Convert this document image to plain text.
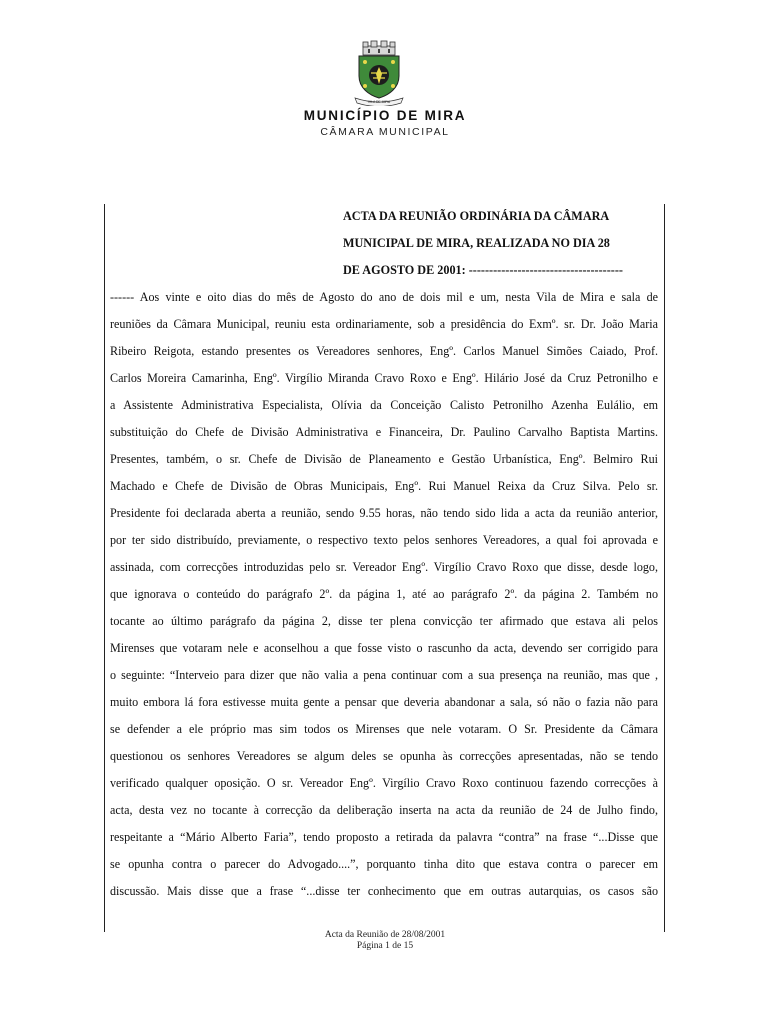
VILA DE MIRA
MUNICÍPIO DE MIRA
CÂMARA MUNICIPAL
ACTA DA REUNIÃO ORDINÁRIA DA CÂMARA
MUNICIPAL DE MIRA, REALIZADA NO DIA 28
DE AGOSTO DE 2001: --------------------------------------
------ Aos vinte e oito dias do mês de Agosto do ano de dois mil e um, nesta Vila de Mira e sala de
reuniões da Câmara Municipal, reuniu esta ordinariamente, sob a presidência do Exmº. sr. Dr. João Maria
Ribeiro Reigota, estando presentes os Vereadores senhores, Engº. Carlos Manuel Simões Caiado, Prof.
Carlos Moreira Camarinha, Engº. Virgílio Miranda Cravo Roxo e Engº. Hilário José da Cruz Petronilho e
a Assistente Administrativa Especialista, Olívia da Conceição Calisto Petronilho Azenha Eulálio, em
substituição do Chefe de Divisão Administrativa e Financeira, Dr. Paulino Carvalho Baptista Martins.
Presentes, também, o sr. Chefe de Divisão de Planeamento e Gestão Urbanística, Engº. Belmiro Rui
Machado e Chefe de Divisão de Obras Municipais, Engº. Rui Manuel Reixa da Cruz Silva. Pelo sr.
Presidente foi declarada aberta a reunião, sendo 9.55 horas, não tendo sido lida a acta da reunião anterior,
por ter sido distribuído, previamente, o respectivo texto pelos senhores Vereadores, a qual foi aprovada e
assinada, com correcções introduzidas pelo sr. Vereador Engº. Virgílio Cravo Roxo que disse, desde logo,
que ignorava o conteúdo do parágrafo 2º. da página 1, até ao parágrafo 2º. da página 2. Também no
tocante ao último parágrafo da página 2, disse ter plena convicção ter afirmado que estava ali pelos
Mirenses que votaram nele e aconselhou a que fosse visto o rascunho da acta, devendo ser corrigido para
o seguinte: “Interveio para dizer que não valia a pena continuar com a sua presença na reunião, mas que ,
muito embora lá fora estivesse muita gente a pensar que deveria abandonar a sala, só não o fazia não para
se defender a ele próprio mas sim todos os Mirenses que nele votaram. O Sr. Presidente da Câmara
questionou os senhores Vereadores se algum deles se opunha às correcções apresentadas, não se tendo
verificado qualquer oposição. O sr. Vereador Engº. Virgílio Cravo Roxo continuou fazendo correcções à
acta, desta vez no tocante à correcção da deliberação inserta na acta da reunião de 24 de Julho findo,
respeitante a “Mário Alberto Faria”, tendo proposto a retirada da palavra “contra” na frase “...Disse que
se opunha contra o parecer do Advogado....”, porquanto tinha dito que estava contra o parecer em
discussão. Mais disse que a frase “...disse ter conhecimento que em outras autarquias, os casos são
Acta da Reunião de 28/08/2001
Página 1 de 15
